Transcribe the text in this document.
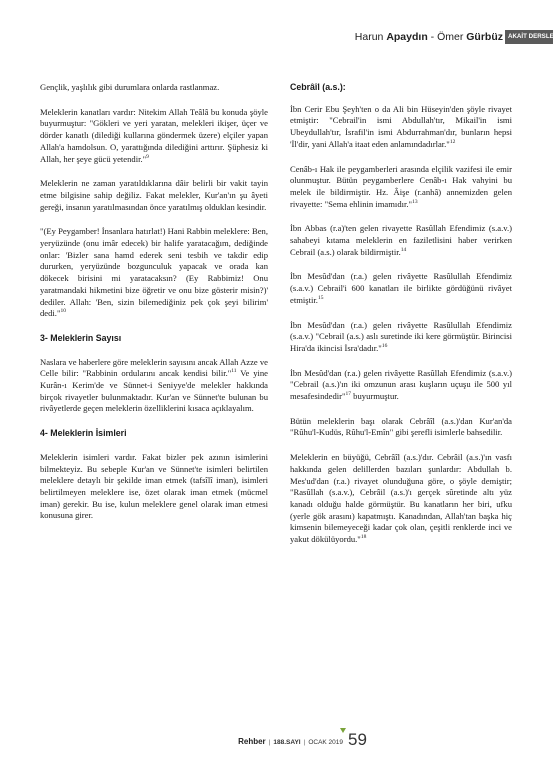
Harun Apaydın - Ömer Gürbüz AKAİT DERSLERİ

Gençlik, yaşlılık gibi durumlara onlarda rastlanmaz.

Meleklerin kanatları vardır: Nitekim Allah Teâlâ bu konuda şöyle buyurmuştur: "Gökleri ve yeri yaratan, melekleri ikişer, üçer ve dörder kanatlı (dilediği kullarına göndermek üzere) elçiler yapan Allah'a hamdolsun. O, yarattığında dilediğini arttırır. Şüphesiz ki Allah, her şeye gücü yetendir."$^9$

Meleklerin ne zaman yaratıldıklarına dâir belirli bir vakit tayin etme bilgisine sahip değiliz. Fakat melekler, Kur'an'ın şu âyeti gereği, insanın yaratılmasından önce yaratılmış olduklan kesindir.

"(Ey Peygamber! İnsanlara hatırlat!) Hani Rabbin meleklere: Ben, yeryüzünde (onu imâr edecek) bir halife yaratacağım, dediğinde onlar: 'Bizler sana hamd ederek seni tesbih ve takdir edip dururken, yeryüzünde bozgunculuk yapacak ve orada kan dökecek birisini mi yaratacaksın? (Ey Rabbimiz! Onu yaratmandaki hikmetini bize öğretir ve onu bize gösterir misin?)' dediler. Allah: 'Ben, sizin bilemediğiniz pek çok şeyi bilirim' dedi."$^{10}$

3- Meleklerin Sayısı

Naslara ve haberlere göre meleklerin sayısını ancak Allah Azze ve Celle bilir: "Rabbinin ordularını ancak kendisi bilir."$^{11}$ Ve yine Kurân-ı Kerim'de ve Sünnet-i Seniyye'de melekler hakkında birçok rivayetler bulunmaktadır. Kur'an ve Sünnet'te bulunan bu rivâyetlerde geçen meleklerin özelliklerini kısaca açıklayalım.

4- Meleklerin İsimleri

Meleklerin isimleri vardır. Fakat bizler pek azının isimlerini bilmekteyiz. Bu sebeple Kur'an ve Sünnet'te isimleri belirtilen meleklere detaylı bir şekilde iman etmek (tafsîlî iman), isimleri belirtilmeyen meleklere ise, özet olarak iman etmek (mücmel iman) gerekir. Bu ise, kulun meleklere genel olarak iman etmesi konusuna girer.

Cebrâîl (a.s.):

İbn Cerir Ebu Şeyh'ten o da Ali bin Hüseyin'den şöyle rivayet etmiştir: "Cebrail'in ismi Abdullah'tır, Mikail'in ismi Ubeydullah'tır, İsrafil'in ismi Abdurrahman'dır, bunların hepsi 'İl'dir, yani Allah'a itaat eden anlamındadırlar."$^{12}$

Cenâb-ı Hak ile peygamberleri arasında elçilik vazifesi ile emir olunmuştur. Bütün peygamberlere Cenâb-ı Hak vahyini bu melek ile bildirmiştir. Hz. Âişe (r.anhâ) annemizden gelen rivayette: "Sema ehlinin imamıdır."$^{13}$

İbn Abbas (r.a)'ten gelen rivayette Rasûllah Efendimiz (s.a.v.) sahabeyi kıtama meleklerin en faziletlisini haber verirken Cebrail (a.s.) olarak bildirmiştir.$^{14}$

İbn Mesûd'dan (r.a.) gelen rivâyette Rasûlullah Efendimiz (s.a.v.) Cebrail'i 600 kanatları ile birlikte gördüğünü rivâyet etmiştir.$^{15}$

İbn Mesûd'dan (r.a.) gelen rivâyette Rasûlullah Efendimiz (s.a.v.) "Cebrail (a.s.) aslı suretinde iki kere görmüştür. Birincisi Hira'da ikincisi İsra'dadır."$^{16}$

İbn Mesûd'dan (r.a.) gelen rivâyette Rasûllah Efendimiz (s.a.v.) "Cebrail (a.s.)'ın iki omzunun arası kuşların uçuşu ile 500 yıl mesafesindedir"$^{17}$ buyurmuştur.

Bütün meleklerin başı olarak Cebrâîl (a.s.)'dan Kur'an'da "Rûhu'l-Kudüs, Rûhu'l-Emîn" gibi şerefli isimlerle bahsedilir.

Meleklerin en büyüğü, Cebrâîl (a.s.)'dır. Cebrâil (a.s.)'ın vasfı hakkında gelen delillerden bazıları şunlardır: Abdullah b. Mes'ud'dan (r.a.) rivayet olunduğuna göre, o şöyle demiştir; "Rasûllah (s.a.v.), Cebrâil (a.s.)'ı gerçek sûretinde altı yüz kanadı olduğu halde görmüştür. Bu kanatların her biri, ufku (yerle gök arasını) kapatmıştı. Kanadından, Allah'tan başka hiç kimsenin bilemeyeceği kadar çok olan, çeşitli renklerde inci ve yakut dökülüyordu."$^{18}$

Rehber | 188.SAYI | OCAK 2019 59
